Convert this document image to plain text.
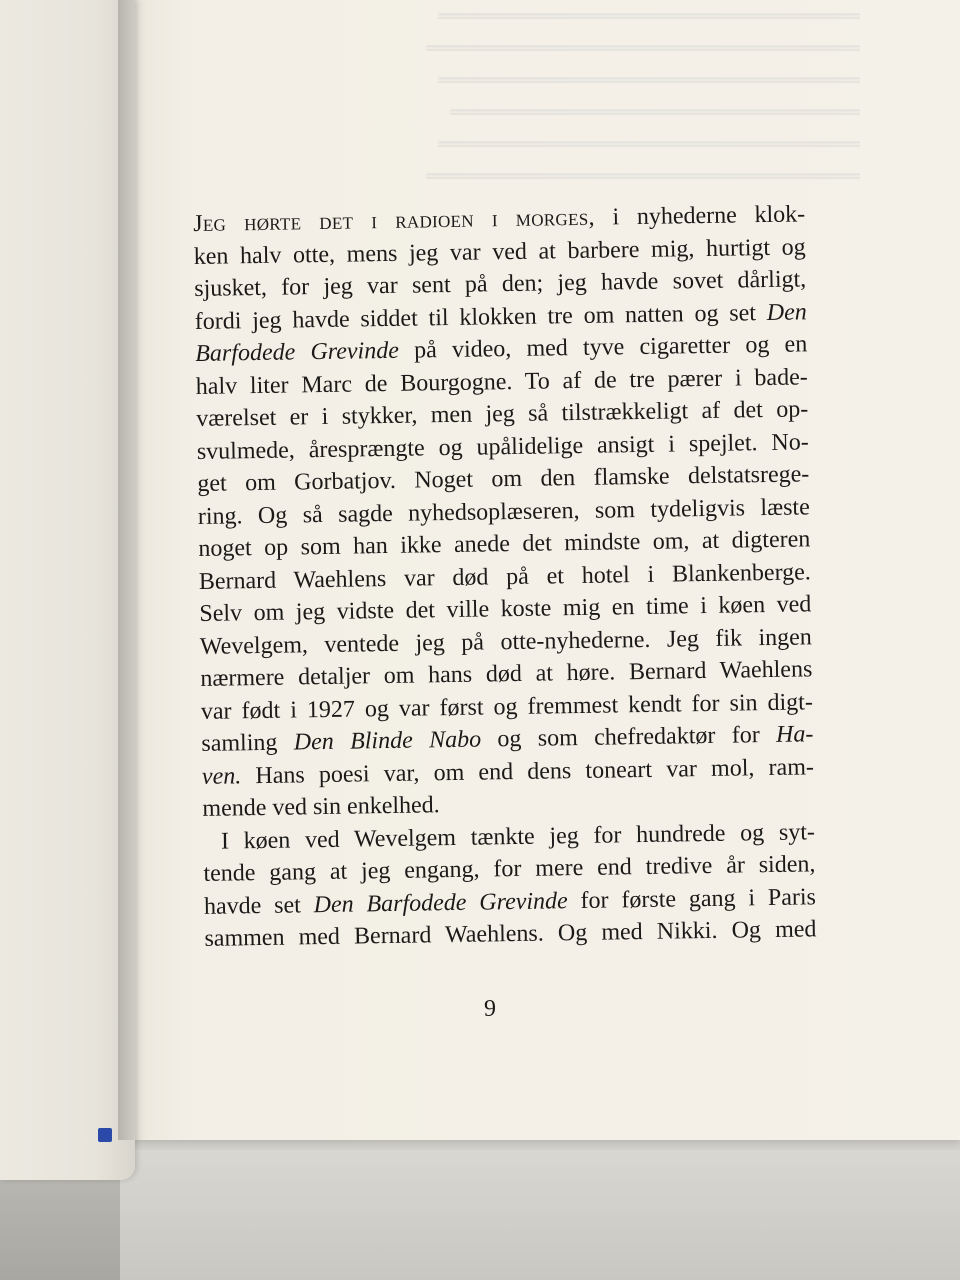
═══════════════════════════════════
════════════════════════════════════
═══════════════════════════════════
══════════════════════════════════
═══════════════════════════════════
════════════════════════════════════
Jeg hørte det i radioen i morges, i nyhederne klok-
ken halv otte, mens jeg var ved at barbere mig, hurtigt og
sjusket, for jeg var sent på den; jeg havde sovet dårligt,
fordi jeg havde siddet til klokken tre om natten og set Den
Barfodede Grevinde på video, med tyve cigaretter og en
halv liter Marc de Bourgogne. To af de tre pærer i bade-
værelset er i stykker, men jeg så tilstrækkeligt af det op-
svulmede, åresprængte og upålidelige ansigt i spejlet. No-
get om Gorbatjov. Noget om den flamske delstatsrege-
ring. Og så sagde nyhedsoplæseren, som tydeligvis læste
noget op som han ikke anede det mindste om, at digteren
Bernard Waehlens var død på et hotel i Blankenberge.
Selv om jeg vidste det ville koste mig en time i køen ved
Wevelgem, ventede jeg på otte-nyhederne. Jeg fik ingen
nærmere detaljer om hans død at høre. Bernard Waehlens
var født i 1927 og var først og fremmest kendt for sin digt-
samling Den Blinde Nabo og som chefredaktør for Ha-
ven. Hans poesi var, om end dens toneart var mol, ram-
mende ved sin enkelhed.
I køen ved Wevelgem tænkte jeg for hundrede og syt-
tende gang at jeg engang, for mere end tredive år siden,
havde set Den Barfodede Grevinde for første gang i Paris
sammen med Bernard Waehlens. Og med Nikki. Og med
9
